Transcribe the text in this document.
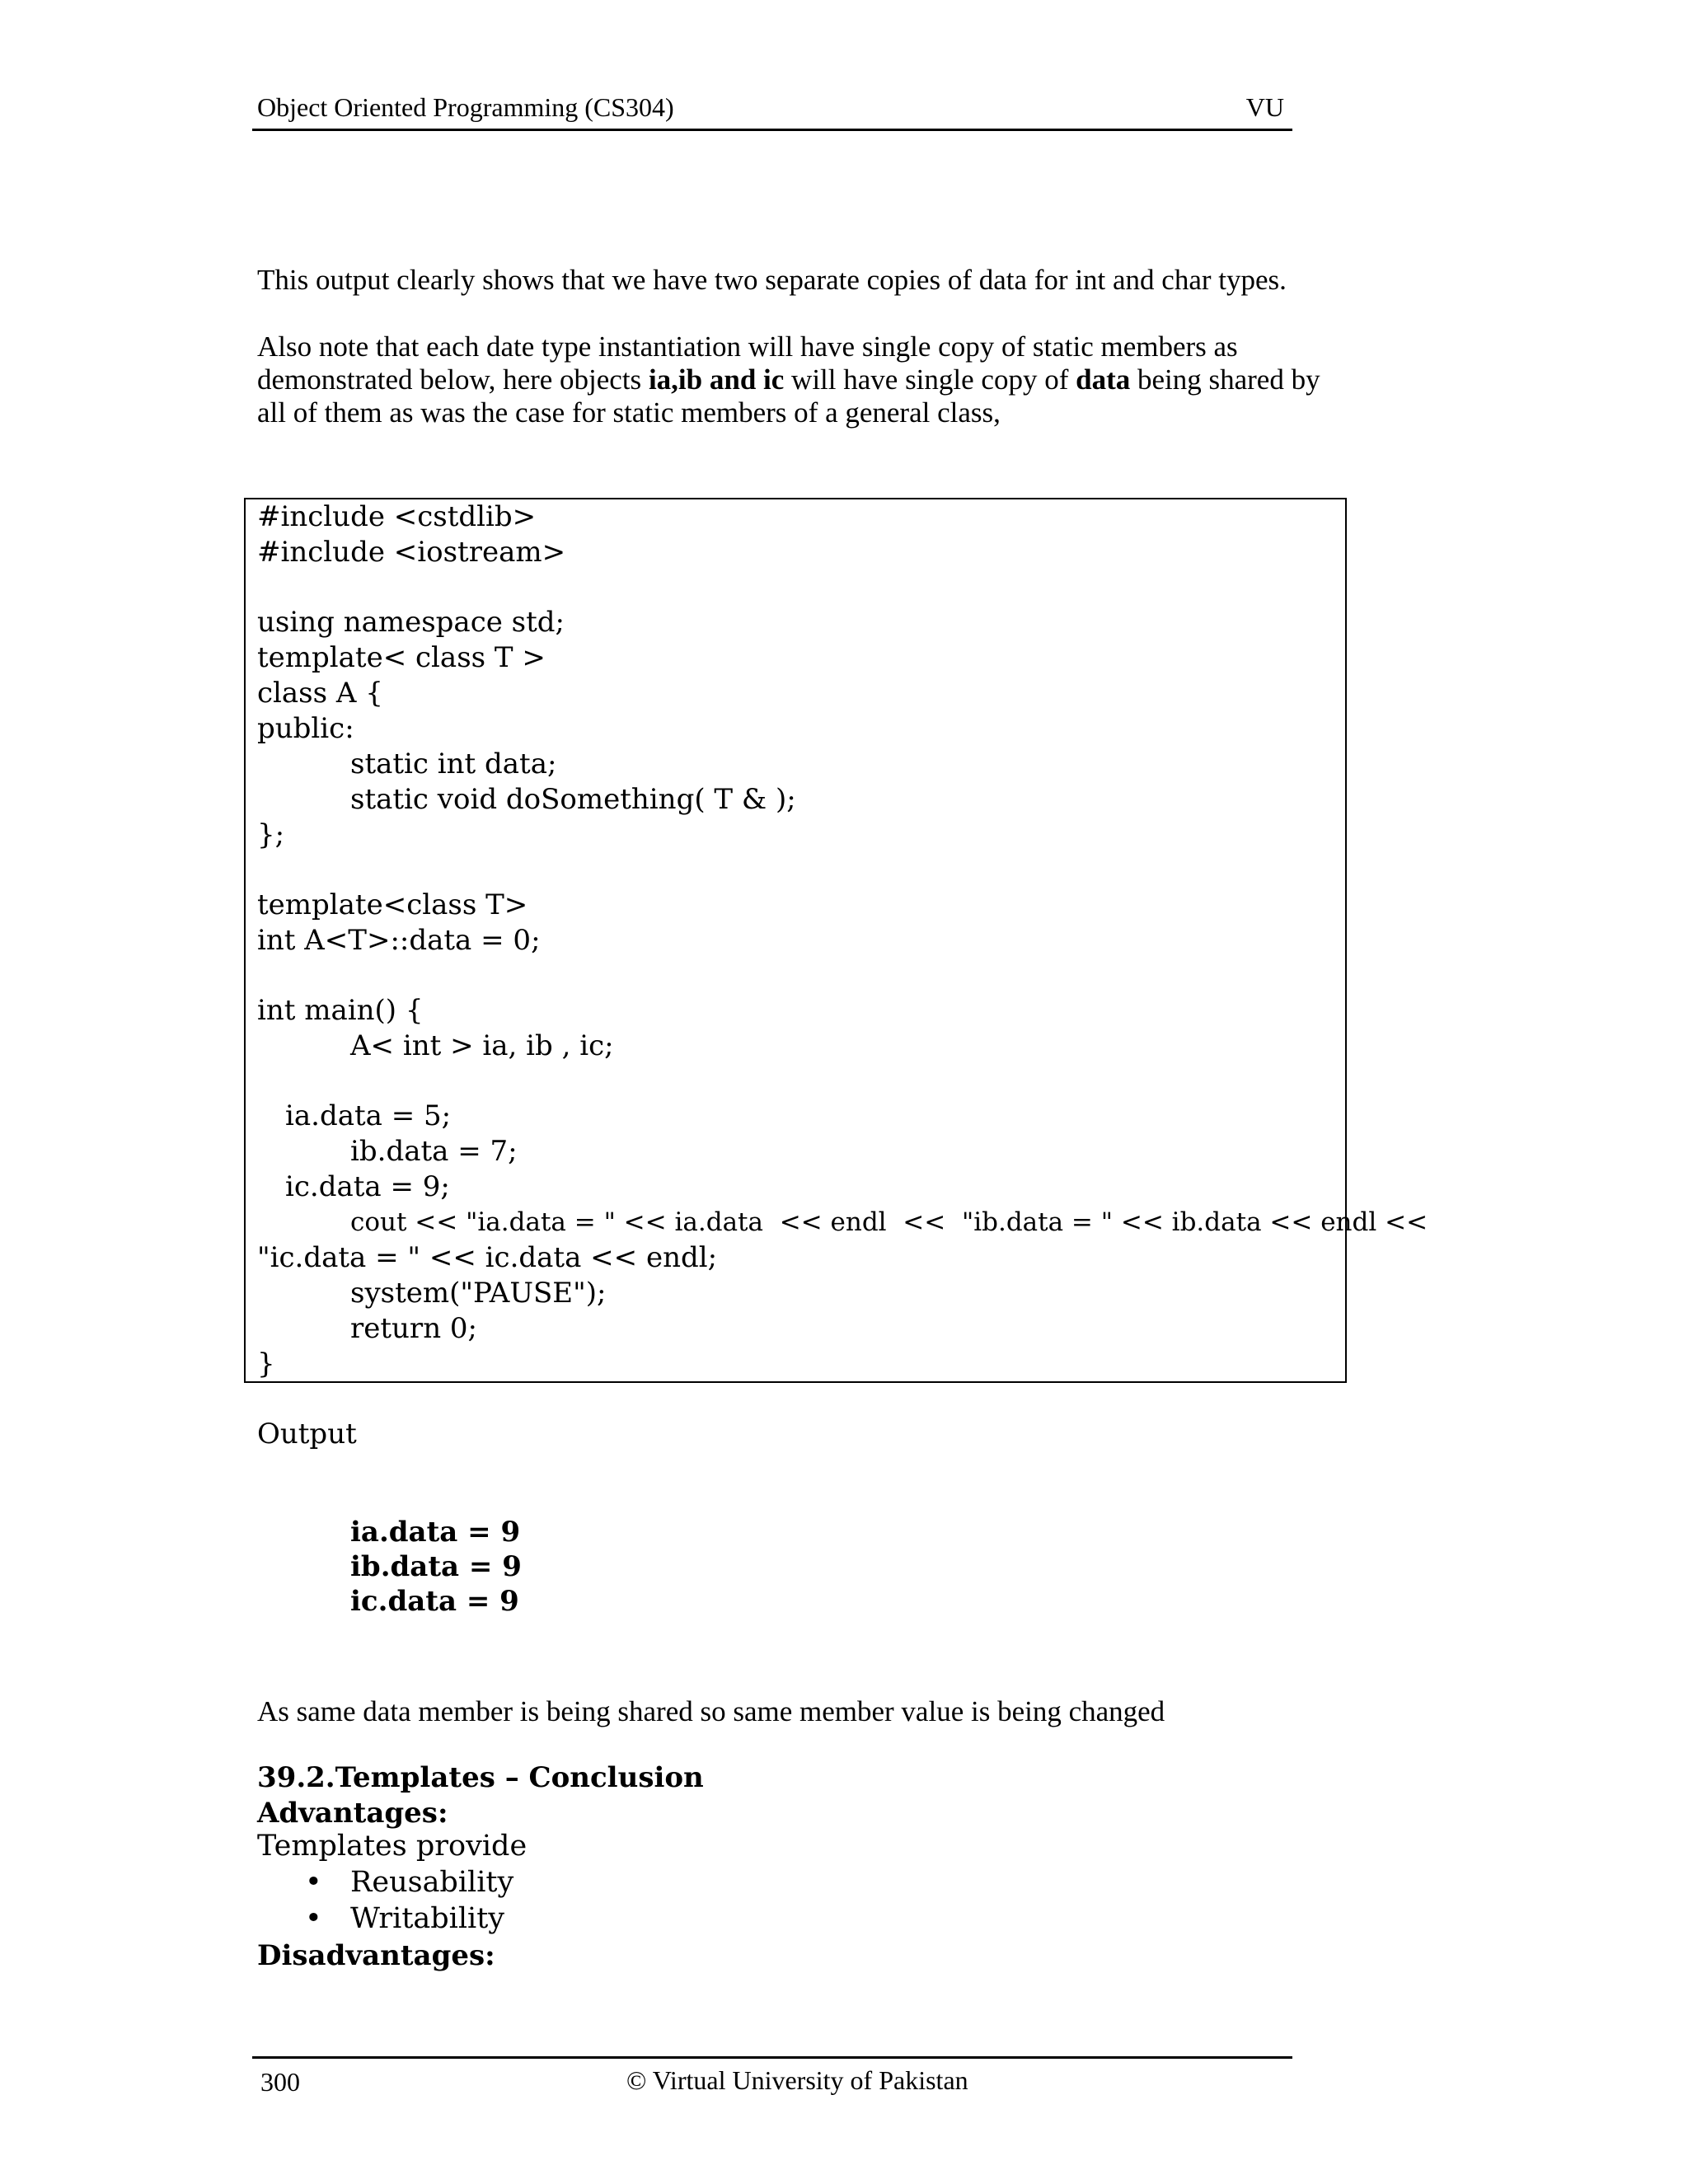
Object Oriented Programming (CS304)	VU
This output clearly shows that we have two separate copies of data for int and char types.
Also note that each date type instantiation will have single copy of static members as
demonstrated below, here objects ia,ib and ic will have single copy of data being shared by
all of them as was the case for static members of a general class,
#include <cstdlib>
#include <iostream>
using namespace std;
template< class T >
class A {
public:
static int data;
static void doSomething( T & );
};
template<class T>
int A<T>::data = 0;
int main() {
A< int > ia, ib , ic;
ia.data = 5;
ib.data = 7;
ic.data = 9;
cout << "ia.data = " << ia.data  << endl  <<  "ib.data = " << ib.data << endl <<
"ic.data = " << ic.data << endl;
system("PAUSE");
return 0;
}
Output
ia.data = 9
ib.data = 9
ic.data = 9
As same data member is being shared so same member value is being changed
39.2.Templates – Conclusion
Advantages:
Templates provide
• Reusability
• Writability
Disadvantages:
300	© Virtual University of Pakistan
